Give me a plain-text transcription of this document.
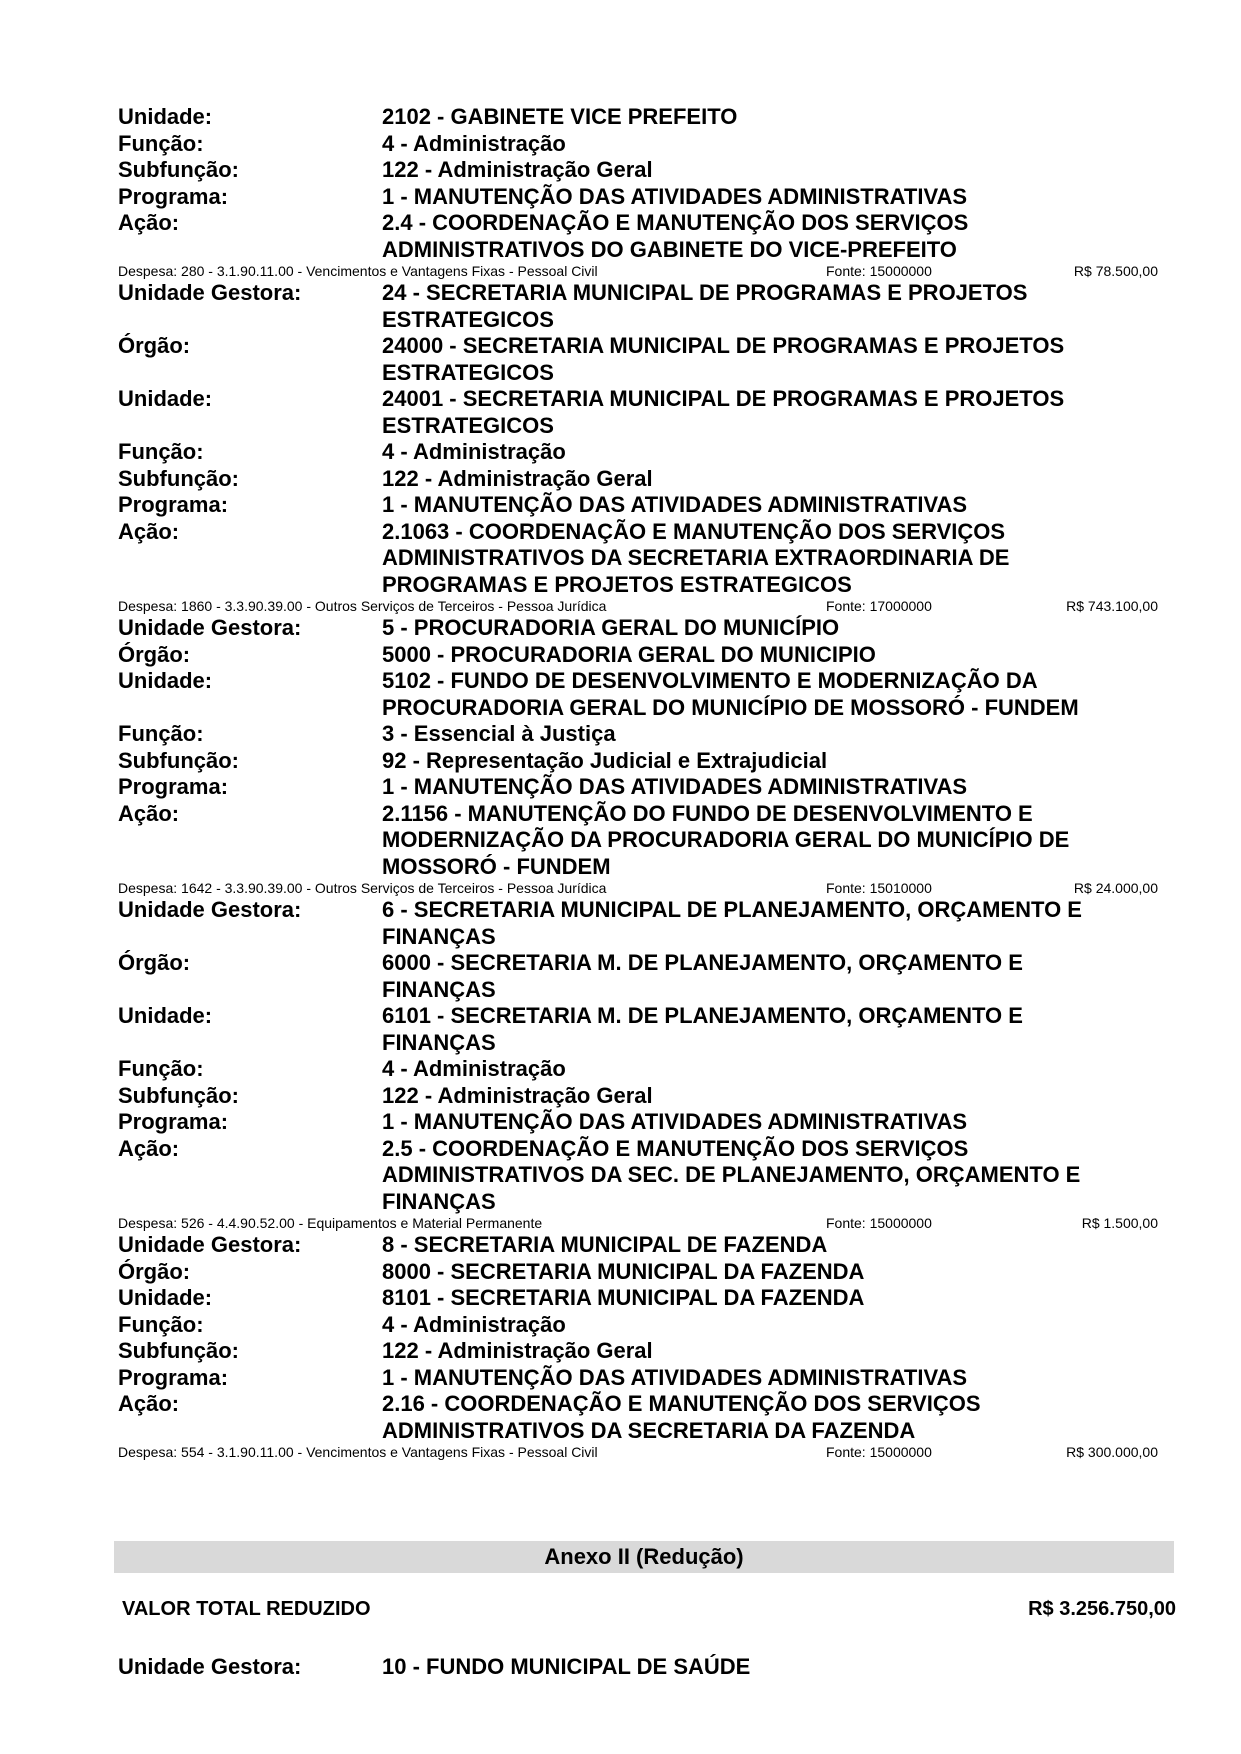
Unidade:	2102 - GABINETE VICE PREFEITO
Função:	4 - Administração
Subfunção:	122 - Administração Geral
Programa:	1 - MANUTENÇÃO DAS ATIVIDADES ADMINISTRATIVAS
Ação:	2.4 - COORDENAÇÃO E MANUTENÇÃO DOS SERVIÇOS
ADMINISTRATIVOS DO GABINETE DO VICE-PREFEITO
Despesa: 280 - 3.1.90.11.00 - Vencimentos e Vantagens Fixas - Pessoal Civil	Fonte: 15000000	R$ 78.500,00
Unidade Gestora:	24 - SECRETARIA MUNICIPAL DE PROGRAMAS E PROJETOS
ESTRATEGICOS
Órgão:	24000 - SECRETARIA MUNICIPAL DE PROGRAMAS E PROJETOS
ESTRATEGICOS
Unidade:	24001 - SECRETARIA MUNICIPAL DE PROGRAMAS E PROJETOS
ESTRATEGICOS
Função:	4 - Administração
Subfunção:	122 - Administração Geral
Programa:	1 - MANUTENÇÃO DAS ATIVIDADES ADMINISTRATIVAS
Ação:	2.1063 - COORDENAÇÃO E MANUTENÇÃO DOS SERVIÇOS
ADMINISTRATIVOS DA SECRETARIA EXTRAORDINARIA DE
PROGRAMAS E PROJETOS ESTRATEGICOS
Despesa: 1860 - 3.3.90.39.00 - Outros Serviços de Terceiros - Pessoa Jurídica	Fonte: 17000000	R$ 743.100,00
Unidade Gestora:	5 - PROCURADORIA GERAL DO MUNICÍPIO
Órgão:	5000 - PROCURADORIA GERAL DO MUNICIPIO
Unidade:	5102 - FUNDO DE DESENVOLVIMENTO E MODERNIZAÇÃO DA
PROCURADORIA GERAL DO MUNICÍPIO DE MOSSORÓ - FUNDEM
Função:	3 - Essencial à Justiça
Subfunção:	92 - Representação Judicial e Extrajudicial
Programa:	1 - MANUTENÇÃO DAS ATIVIDADES ADMINISTRATIVAS
Ação:	2.1156 - MANUTENÇÃO DO FUNDO DE DESENVOLVIMENTO E
MODERNIZAÇÃO DA PROCURADORIA GERAL DO MUNICÍPIO DE
MOSSORÓ - FUNDEM
Despesa: 1642 - 3.3.90.39.00 - Outros Serviços de Terceiros - Pessoa Jurídica	Fonte: 15010000	R$ 24.000,00
Unidade Gestora:	6 - SECRETARIA MUNICIPAL DE PLANEJAMENTO, ORÇAMENTO E
FINANÇAS
Órgão:	6000 - SECRETARIA M. DE PLANEJAMENTO, ORÇAMENTO E
FINANÇAS
Unidade:	6101 - SECRETARIA M. DE PLANEJAMENTO, ORÇAMENTO E
FINANÇAS
Função:	4 - Administração
Subfunção:	122 - Administração Geral
Programa:	1 - MANUTENÇÃO DAS ATIVIDADES ADMINISTRATIVAS
Ação:	2.5 - COORDENAÇÃO E MANUTENÇÃO DOS SERVIÇOS
ADMINISTRATIVOS DA SEC. DE PLANEJAMENTO, ORÇAMENTO E
FINANÇAS
Despesa: 526 - 4.4.90.52.00 - Equipamentos e Material Permanente	Fonte: 15000000	R$ 1.500,00
Unidade Gestora:	8 - SECRETARIA MUNICIPAL DE FAZENDA
Órgão:	8000 - SECRETARIA MUNICIPAL DA FAZENDA
Unidade:	8101 - SECRETARIA MUNICIPAL DA FAZENDA
Função:	4 - Administração
Subfunção:	122 - Administração Geral
Programa:	1 - MANUTENÇÃO DAS ATIVIDADES ADMINISTRATIVAS
Ação:	2.16 - COORDENAÇÃO E MANUTENÇÃO DOS SERVIÇOS
ADMINISTRATIVOS DA SECRETARIA DA FAZENDA
Despesa: 554 - 3.1.90.11.00 - Vencimentos e Vantagens Fixas - Pessoal Civil	Fonte: 15000000	R$ 300.000,00
Anexo II (Redução)
VALOR TOTAL REDUZIDO	R$ 3.256.750,00
Unidade Gestora:	10 - FUNDO MUNICIPAL DE SAÚDE
